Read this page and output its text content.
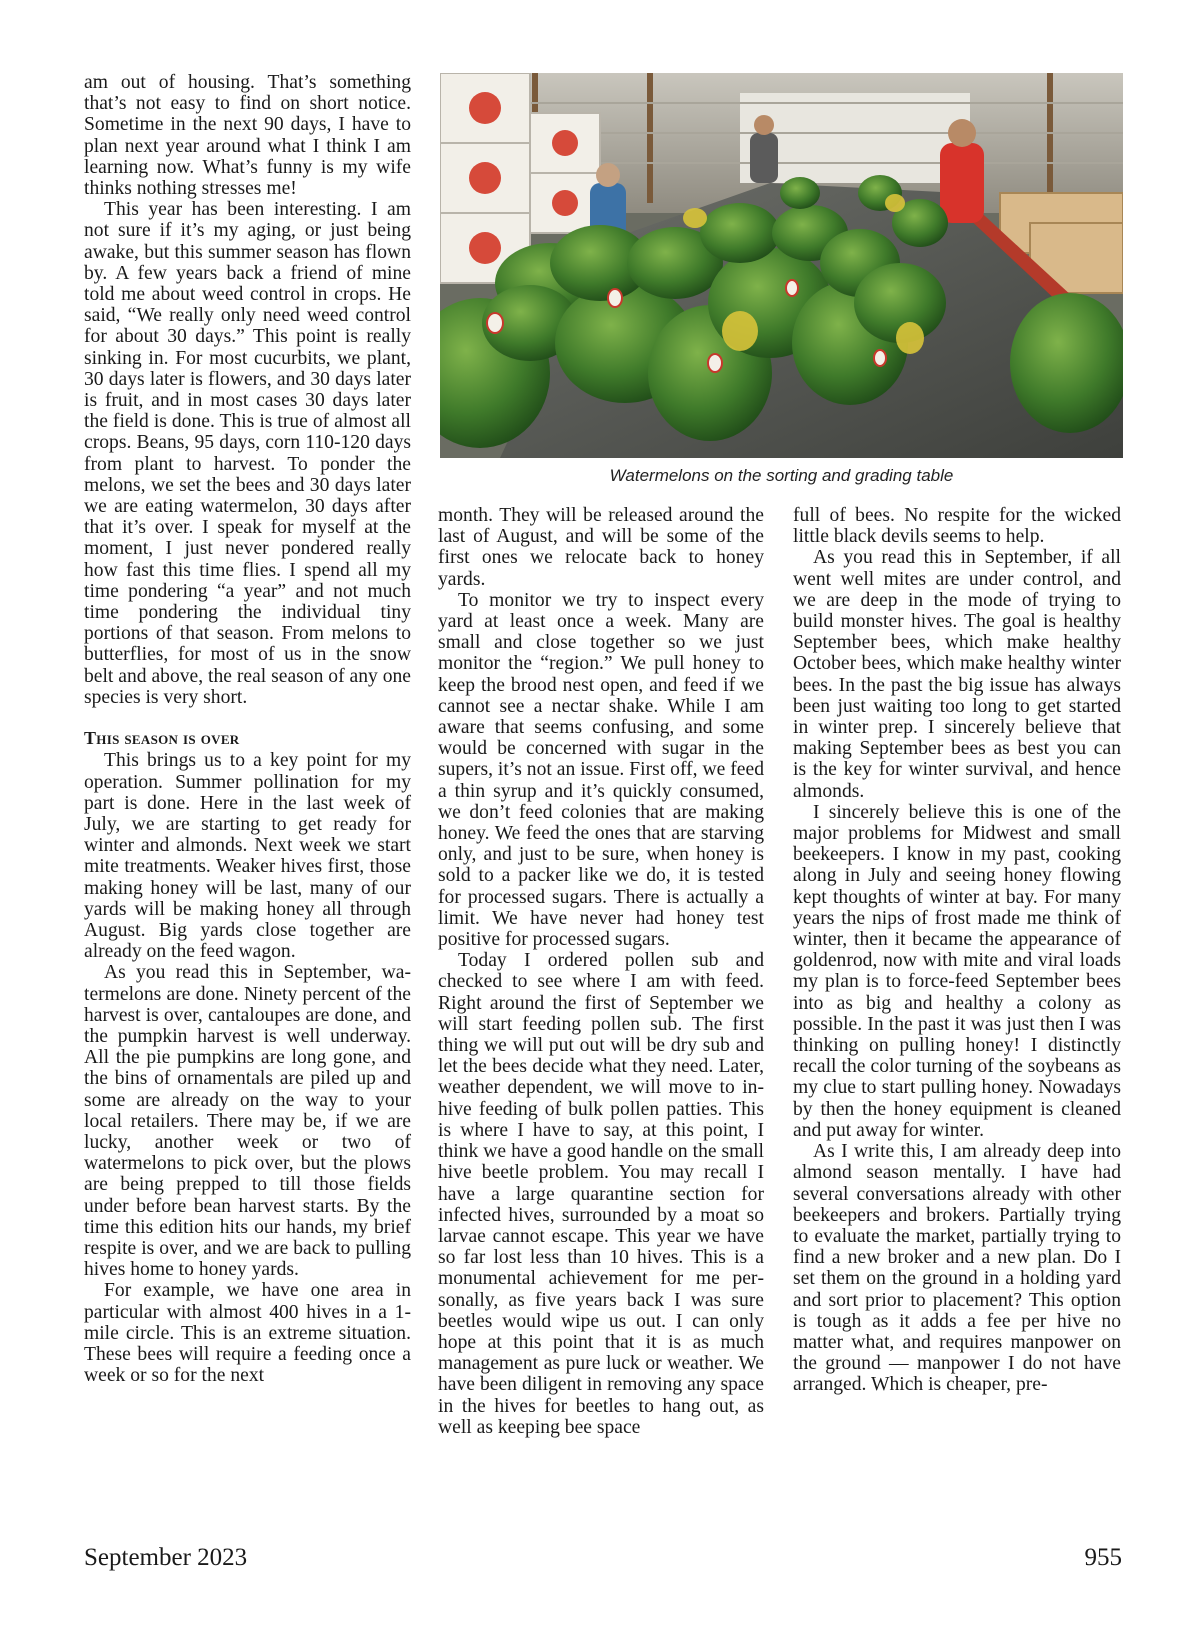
am out of housing. That’s something that’s not easy to find on short notice. Sometime in the next 90 days, I have to plan next year around what I think I am learning now. What’s funny is my wife thinks nothing stresses me!

This year has been interesting. I am not sure if it’s my aging, or just being awake, but this summer season has flown by. A few years back a friend of mine told me about weed control in crops. He said, “We really only need weed control for about 30 days.” This point is really sinking in. For most cucurbits, we plant, 30 days later is flowers, and 30 days later is fruit, and in most cases 30 days later the field is done. This is true of almost all crops. Beans, 95 days, corn 110-120 days from plant to harvest. To ponder the melons, we set the bees and 30 days later we are eating watermelon, 30 days after that it’s over. I speak for myself at the moment, I just never pondered really how fast this time flies. I spend all my time pondering “a year” and not much time pondering the individual tiny portions of that season. From melons to butterflies, for most of us in the snow belt and above, the real season of any one species is very short.

This season is over

This brings us to a key point for my operation. Summer pollination for my part is done. Here in the last week of July, we are starting to get ready for winter and almonds. Next week we start mite treatments. Weaker hives first, those making honey will be last, many of our yards will be making honey all through August. Big yards close together are already on the feed wagon.

As you read this in September, watermelons are done. Ninety percent of the harvest is over, cantaloupes are done, and the pumpkin harvest is well underway. All the pie pumpkins are long gone, and the bins of ornamentals are piled up and some are already on the way to your local retailers. There may be, if we are lucky, another week or two of watermelons to pick over, but the plows are being prepped to till those fields under before bean harvest starts. By the time this edition hits our hands, my brief respite is over, and we are back to pulling hives home to honey yards.

For example, we have one area in particular with almost 400 hives in a 1-mile circle. This is an extreme situation. These bees will require a feeding once a week or so for the next

Watermelons on the sorting and grading table

month. They will be released around the last of August, and will be some of the first ones we relocate back to honey yards.

To monitor we try to inspect every yard at least once a week. Many are small and close together so we just monitor the “region.” We pull honey to keep the brood nest open, and feed if we cannot see a nectar shake. While I am aware that seems confusing, and some would be concerned with sugar in the supers, it’s not an issue. First off, we feed a thin syrup and it’s quickly consumed, we don’t feed colonies that are making honey. We feed the ones that are starving only, and just to be sure, when honey is sold to a packer like we do, it is tested for processed sugars. There is actually a limit. We have never had honey test positive for processed sugars.

Today I ordered pollen sub and checked to see where I am with feed. Right around the first of September we will start feeding pollen sub. The first thing we will put out will be dry sub and let the bees decide what they need. Later, weather dependent, we will move to in-hive feeding of bulk pollen patties. This is where I have to say, at this point, I think we have a good handle on the small hive beetle problem. You may recall I have a large quarantine section for infected hives, surrounded by a moat so larvae cannot escape. This year we have so far lost less than 10 hives. This is a monumental achievement for me personally, as five years back I was sure beetles would wipe us out. I can only hope at this point that it is as much management as pure luck or weather. We have been diligent in removing any space in the hives for beetles to hang out, as well as keeping bee space

full of bees. No respite for the wicked little black devils seems to help.

As you read this in September, if all went well mites are under control, and we are deep in the mode of trying to build monster hives. The goal is healthy September bees, which make healthy October bees, which make healthy winter bees. In the past the big issue has always been just waiting too long to get started in winter prep. I sincerely believe that making September bees as best you can is the key for winter survival, and hence almonds.

I sincerely believe this is one of the major problems for Midwest and small beekeepers. I know in my past, cooking along in July and seeing honey flowing kept thoughts of winter at bay. For many years the nips of frost made me think of winter, then it became the appearance of goldenrod, now with mite and viral loads my plan is to force-feed September bees into as big and healthy a colony as possible. In the past it was just then I was thinking on pulling honey! I distinctly recall the color turning of the soybeans as my clue to start pulling honey. Nowadays by then the honey equipment is cleaned and put away for winter.

As I write this, I am already deep into almond season mentally. I have had several conversations already with other beekeepers and brokers. Partially trying to evaluate the market, partially trying to find a new broker and a new plan. Do I set them on the ground in a holding yard and sort prior to placement? This option is tough as it adds a fee per hive no matter what, and requires manpower on the ground — manpower I do not have arranged. Which is cheaper, pre-

September 2023	955
